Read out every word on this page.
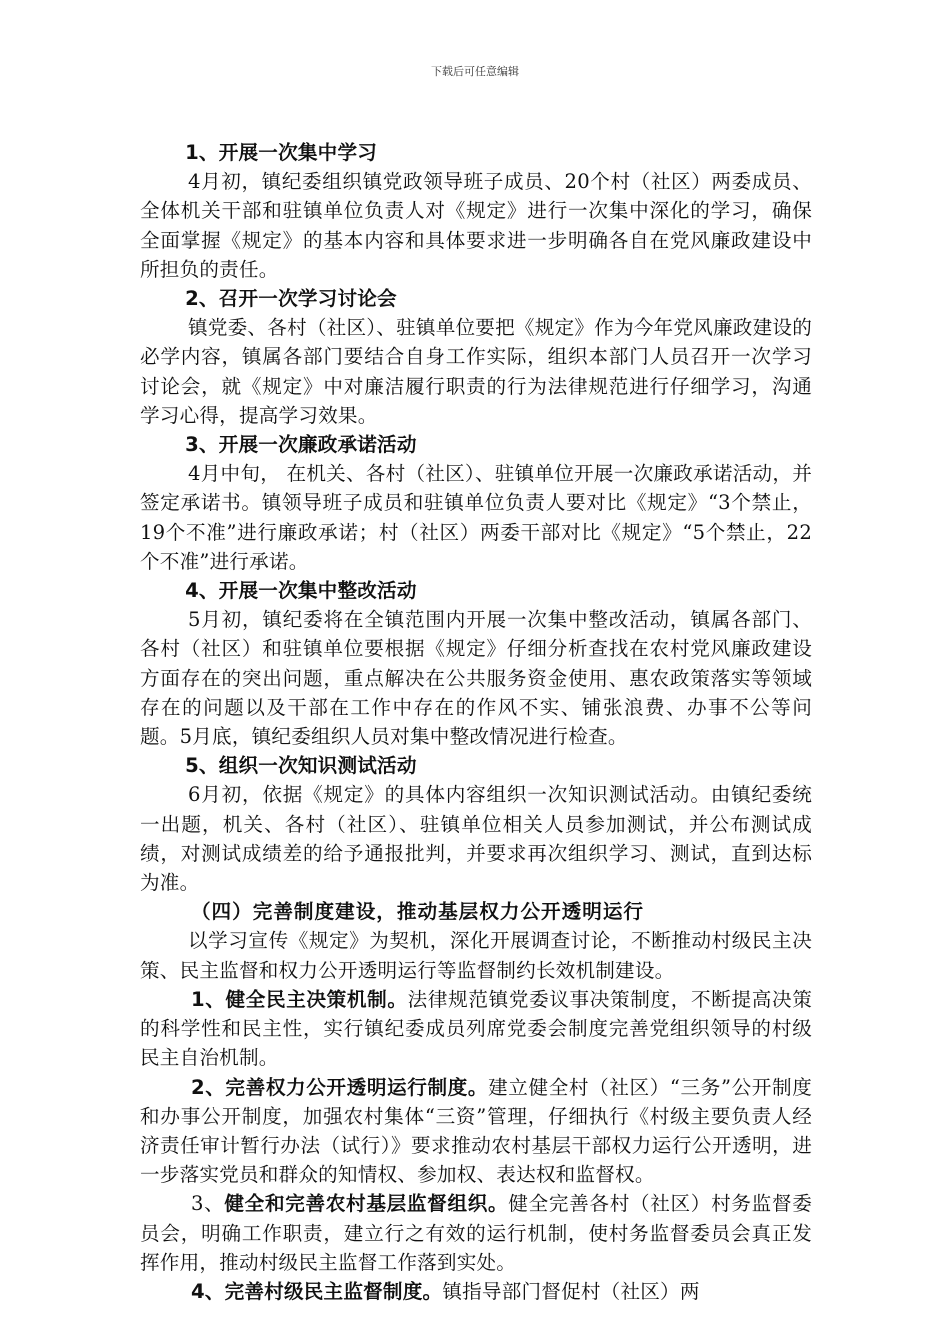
下载后可任意编辑

1、开展一次集中学习

4月初，镇纪委组织镇党政领导班子成员、20个村（社区）两委成员、全体机关干部和驻镇单位负责人对《规定》进行一次集中深化的学习，确保全面掌握《规定》的基本内容和具体要求进一步明确各自在党风廉政建设中所担负的责任。

2、召开一次学习讨论会

镇党委、各村（社区）、驻镇单位要把《规定》作为今年党风廉政建设的必学内容，镇属各部门要结合自身工作实际，组织本部门人员召开一次学习讨论会，就《规定》中对廉洁履行职责的行为法律规范进行仔细学习，沟通学习心得，提高学习效果。

3、开展一次廉政承诺活动

4月中旬， 在机关、各村（社区）、驻镇单位开展一次廉政承诺活动，并签定承诺书。镇领导班子成员和驻镇单位负责人要对比《规定》“3个禁止，19个不准”进行廉政承诺；村（社区）两委干部对比《规定》“5个禁止，22个不准”进行承诺。

4、开展一次集中整改活动

5月初，镇纪委将在全镇范围内开展一次集中整改活动，镇属各部门、各村（社区）和驻镇单位要根据《规定》仔细分析查找在农村党风廉政建设方面存在的突出问题，重点解决在公共服务资金使用、惠农政策落实等领域存在的问题以及干部在工作中存在的作风不实、铺张浪费、办事不公等问题。5月底，镇纪委组织人员对集中整改情况进行检查。

5、组织一次知识测试活动

6月初，依据《规定》的具体内容组织一次知识测试活动。由镇纪委统一出题，机关、各村（社区）、驻镇单位相关人员参加测试，并公布测试成绩，对测试成绩差的给予通报批判，并要求再次组织学习、测试，直到达标为准。

（四）完善制度建设，推动基层权力公开透明运行

以学习宣传《规定》为契机，深化开展调查讨论，不断推动村级民主决策、民主监督和权力公开透明运行等监督制约长效机制建设。

1、健全民主决策机制。法律规范镇党委议事决策制度，不断提高决策的科学性和民主性，实行镇纪委成员列席党委会制度完善党组织领导的村级民主自治机制。

2、完善权力公开透明运行制度。建立健全村（社区）“三务”公开制度和办事公开制度，加强农村集体“三资”管理，仔细执行《村级主要负责人经济责任审计暂行办法（试行）》要求推动农村基层干部权力运行公开透明，进一步落实党员和群众的知情权、参加权、表达权和监督权。

3、健全和完善农村基层监督组织。健全完善各村（社区）村务监督委员会，明确工作职责，建立行之有效的运行机制，使村务监督委员会真正发挥作用，推动村级民主监督工作落到实处。

4、完善村级民主监督制度。镇指导部门督促村（社区）两
